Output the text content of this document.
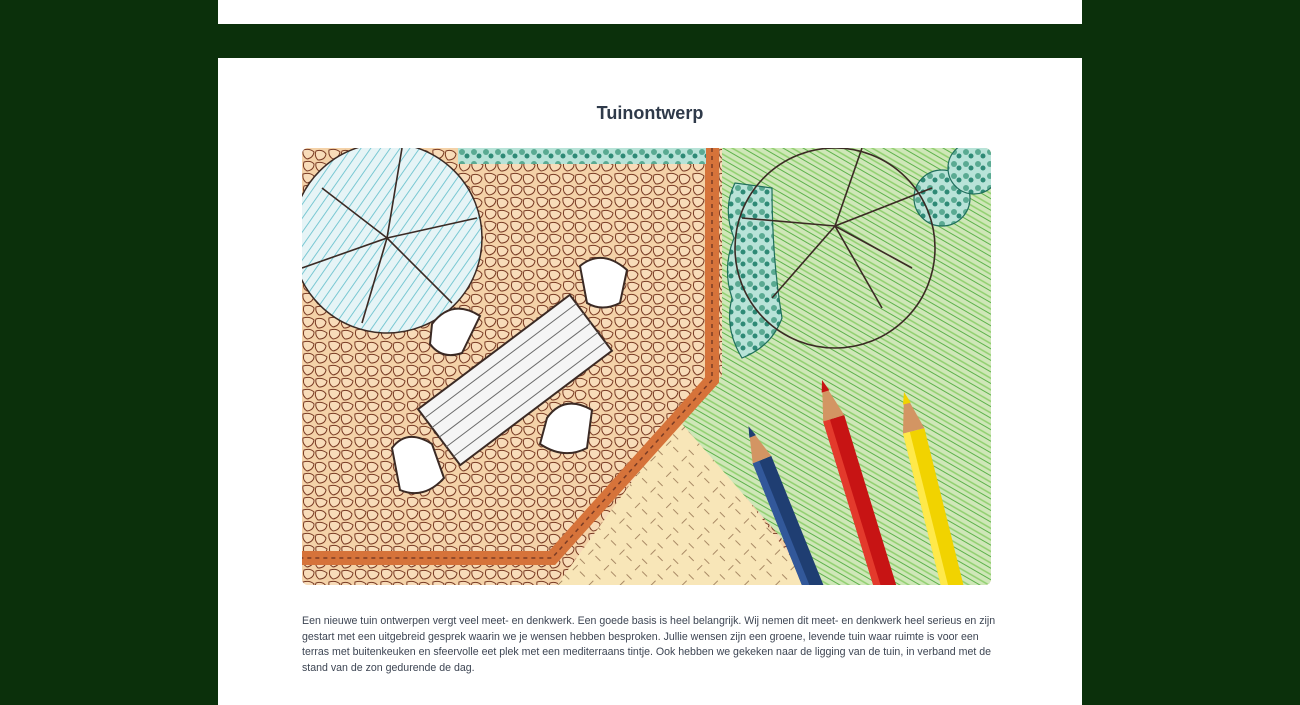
Tuinontwerp

Een nieuwe tuin ontwerpen vergt veel meet- en denkwerk. Een goede basis is heel belangrijk. Wij nemen dit meet- en denkwerk heel serieus en zijn gestart met een uitgebreid gesprek waarin we je wensen hebben besproken. Jullie wensen zijn een groene, levende tuin waar ruimte is voor een terras met buitenkeuken en sfeervolle eet plek met een mediterraans tintje. Ook hebben we gekeken naar de ligging van de tuin, in verband met de stand van de zon gedurende de dag.
